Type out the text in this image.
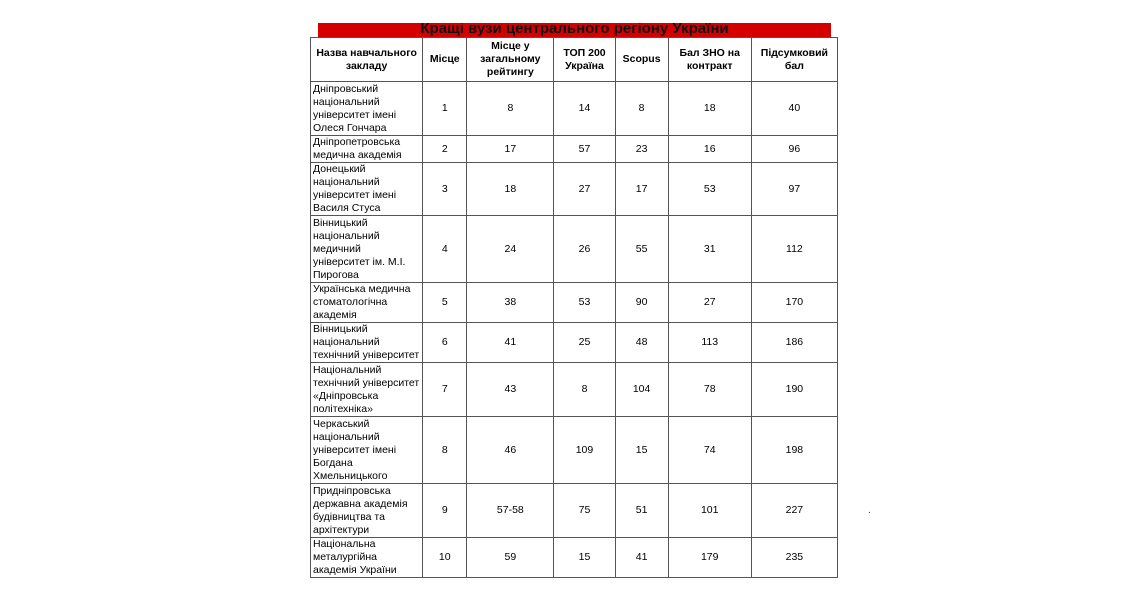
Кращі вузи центрального регіону України
Назва навчального закладу	Місце	Місце у загальному рейтингу	ТОП 200 Україна	Scopus	Бал ЗНО на контракт	Підсумковий бал
Дніпровський національний університет імені Олеся Гончара	1	8	14	8	18	40
Дніпропетровська медична академія	2	17	57	23	16	96
Донецький національний університет імені Василя Стуса	3	18	27	17	53	97
Вінницький національний медичний університет ім. М.І. Пирогова	4	24	26	55	31	112
Українська медична стоматологічна академія	5	38	53	90	27	170
Вінницький національний технічний університет	6	41	25	48	113	186
Національний технічний університет «Дніпровська політехніка»	7	43	8	104	78	190
Черкаський національний університет імені Богдана Хмельницького	8	46	109	15	74	198
Придніпровська державна академія будівництва та архітектури	9	57-58	75	51	101	227
Національна металургійна академія України	10	59	15	41	179	235
.
